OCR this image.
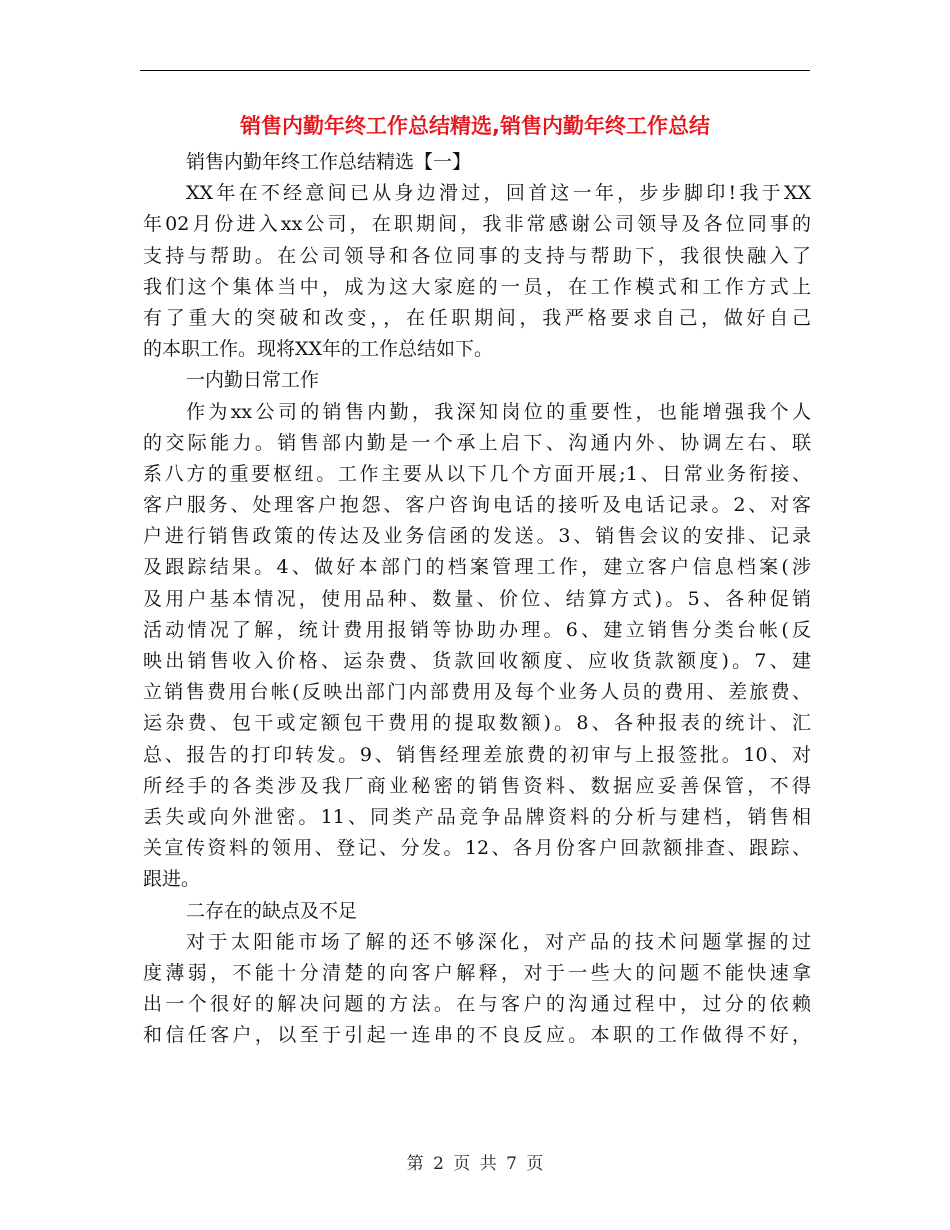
销售内勤年终工作总结精选,销售内勤年终工作总结
销售内勤年终工作总结精选【一】
XX年在不经意间已从身边滑过，回首这一年，步步脚印!我于XX
年02月份进入xx公司，在职期间，我非常感谢公司领导及各位同事的
支持与帮助。在公司领导和各位同事的支持与帮助下，我很快融入了
我们这个集体当中，成为这大家庭的一员，在工作模式和工作方式上
有了重大的突破和改变，，在任职期间，我严格要求自己，做好自己
的本职工作。现将XX年的工作总结如下。
一内勤日常工作
作为xx公司的销售内勤，我深知岗位的重要性，也能增强我个人
的交际能力。销售部内勤是一个承上启下、沟通内外、协调左右、联
系八方的重要枢纽。工作主要从以下几个方面开展;1、日常业务衔接、
客户服务、处理客户抱怨、客户咨询电话的接听及电话记录。2、对客
户进行销售政策的传达及业务信函的发送。3、销售会议的安排、记录
及跟踪结果。4、做好本部门的档案管理工作，建立客户信息档案(涉
及用户基本情况，使用品种、数量、价位、结算方式)。5、各种促销
活动情况了解，统计费用报销等协助办理。6、建立销售分类台帐(反
映出销售收入价格、运杂费、货款回收额度、应收货款额度)。7、建
立销售费用台帐(反映出部门内部费用及每个业务人员的费用、差旅费、
运杂费、包干或定额包干费用的提取数额)。8、各种报表的统计、汇
总、报告的打印转发。9、销售经理差旅费的初审与上报签批。10、对
所经手的各类涉及我厂商业秘密的销售资料、数据应妥善保管，不得
丢失或向外泄密。11、同类产品竞争品牌资料的分析与建档，销售相
关宣传资料的领用、登记、分发。12、各月份客户回款额排查、跟踪、
跟进。
二存在的缺点及不足
对于太阳能市场了解的还不够深化，对产品的技术问题掌握的过
度薄弱，不能十分清楚的向客户解释，对于一些大的问题不能快速拿
出一个很好的解决问题的方法。在与客户的沟通过程中，过分的依赖
和信任客户，以至于引起一连串的不良反应。本职的工作做得不好，
第 2 页 共 7 页
